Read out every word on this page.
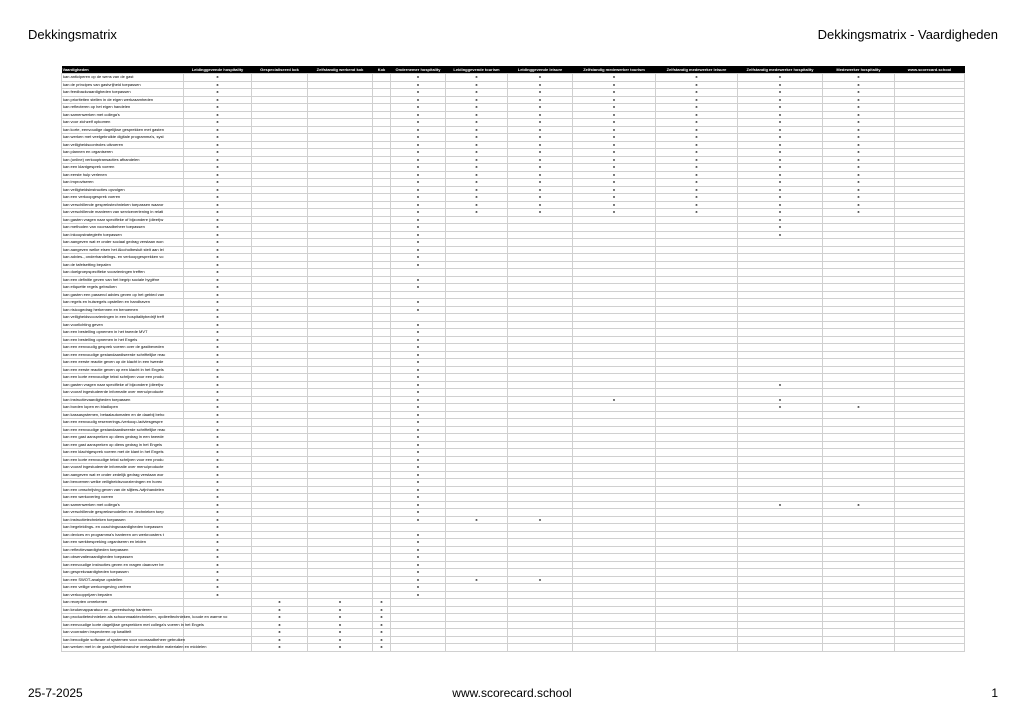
Dekkingsmatrix	Dekkingsmatrix - Vaardigheden
Vaardigheden	Leidinggevende hospitality	Gespecialiseerd kok	Zelfstandig werkend kok	Kok	Ondernemer hospitality	Leidinggevende tourism	Leidinggevende leisure	Zelfstandig medewerker tourism	Zelfstandig medewerker leisure	Zelfstandig medewerker hospitality	Medewerker hospitality	www.scorecard.school
kan anticiperen op de wens van de gast	x				x	x	x	x	x	x	x	
kan de principes van gastvrijheid toepassen	x				x	x	x	x	x	x	x	
kan feedbackvaardigheden toepassen	x				x	x	x	x	x	x	x	
kan prioriteiten stellen in de eigen werkzaamheden	x				x	x	x	x	x	x	x	
kan reflecteren op het eigen handelen	x				x	x	x	x	x	x	x	
kan samenwerken met collega's	x				x	x	x	x	x	x	x	
kan voor zichzelf opkomen	x				x	x	x	x	x	x	x	
kan korte, eenvoudige dagelijkse gesprekken met gasten	x				x	x	x	x	x	x	x	
kan werken met veelgebruikte digitale programma's, syst	x				x	x	x	x	x	x	x	
kan veiligheidscontroles uitvoeren	x				x	x	x	x	x	x	x	
kan plannen en organiseren	x				x	x	x	x	x	x	x	
kan (online) verkooptransacties afhandelen	x				x	x	x	x	x	x	x	
kan een klantgesprek voeren	x				x	x	x	x	x	x	x	
kan eerste hulp verlenen	x				x	x	x	x	x	x	x	
kan improviseren	x				x	x	x	x	x	x	x	
kan veiligheidsinstructies opvolgen	x				x	x	x	x	x	x	x	
kan een verkoopgesprek voeren	x				x	x	x	x	x	x	x	
kan verschillende gesprekstechnieken toepassen waaror	x				x	x	x	x	x	x	x	
kan verschillende manieren van serviceverlening in relati	x				x	x	x	x	x	x	x	
kan gasten vragen naar specifieke of bijzondere (dieet)w	x				x					x		
kan methoden van voorraadbeheer toepassen	x				x					x		
kan inkoopstrategieën toepassen	x				x					x		
kan aangeven wat er onder sociaal gedrag verstaan won	x				x							
kan aangeven welke eisen het Alcoholbesluit stelt aan lei	x				x							
kan advies-, onderhandelings- en verkoopgesprekken vo	x				x							
kan de tafelsetting bepalen	x				x							
kan doelgroepspecifieke voorzieningen treffen	x											
kan een definitie geven van het begrip sociale hygiëne	x				x							
kan etiquette regels gebruiken	x				x							
kan gasten een passend advies geven op het gebied van	x											
kan regels en huisregels opstellen en handhaven	x				x							
kan risicogedrag herkennen en benoemen	x				x							
kan veiligheidsvoorzieningen in een hospitalitybedrijf treff	x											
kan voorlichting geven	x				x							
kan een bestelling opnemen in het tweede MVT	x				x							
kan een bestelling opnemen in het Engels	x				x							
kan een eenvoudig gesprek voeren over de gastbeveden	x				x							
kan een eenvoudige gestandaardiseerde schriftelijke reac	x				x							
kan een eerste reactie geven op de klacht in een tweede	x				x							
kan een eerste reactie geven op een klacht in het Engels	x				x							
kan een korte eenvoudige tekst schrijven voor een produ	x				x							
kan gasten vragen naar specifieke of bijzondere (dieet)w	x				x					x		
kan vooraf ingestudeerde informatie over menu/producte	x				x							
kan instructievaardigheden toepassen	x				x			x		x		
kan borden lopen en bladlopen	x				x					x	x	
kan kassasystemen, betaalautomaten en de daarbij beho	x				x							
kan een eenvoudig reserverings-/verkoop-/adviesgespre	x				x							
kan een eenvoudige gestandaardiseerde schriftelijke reac	x				x							
kan een gast aanspreken op diens gedrag in een tweede	x				x							
kan een gast aanspreken op diens gedrag in het Engels	x				x							
kan een klachtgesprek voeren met de klant in het Engels	x				x							
kan een korte eenvoudige tekst schrijven voor een produ	x				x							
kan vooraf ingestudeerde informatie over menu/producte	x				x							
kan aangeven wat er onder zedelijk gedrag verstaan wor	x				x							
kan benoemen welke veiligheidsvoorzieningen en horec	x				x							
kan een omschrijving geven van de slijters-/wijnhandelen	x				x							
kan een werkoverleg voeren	x				x							
kan samenwerken met collega's	x				x					x	x	
kan verschillende gespreksmodellen en -technieken toep	x				x							
kan instructietechnieken toepassen	x				x	x	x					
kan begeleidings- en coachingsvaardigheden toepassen	x											
kan devices en programma's hanteren om werkroosters t	x				x							
kan een werkbespreking organiseren en leiden	x				x							
kan reflectievaardigheden toepassen	x				x							
kan observatievaardigheden toepassen	x				x							
kan eenvoudige instructies geven en vragen daarover be	x				x							
kan gesprekvaardigheden toepassen	x				x							
kan een SWOT-analyse opstellen	x				x	x	x					
kan een veilige werkomgeving creëren	x				x							
kan verkoopprijzen bepalen	x				x							
kan recepten omrekenen		x	x	x								
kan keukenapparatuur en –gereedschap hanteren		x	x	x								
kan productietechnieken als schoonmaaktechnieken, opdieeltechnieken, koude en warme vo		x	x	x								
kan eenvoudige korte dagelijkse gesprekken met collega's voeren in het Engels		x	x	x								
kan voorraden inspecteren op kwaliteit		x	x	x								
kan benodigde software of systemen voor voorraadbeheer gebruiken		x	x	x								
kan werken met in de gastvrijheidsbranche veelgebruikte materialen en middelen		x	x	x								
25-7-2025	www.scorecard.school	1
